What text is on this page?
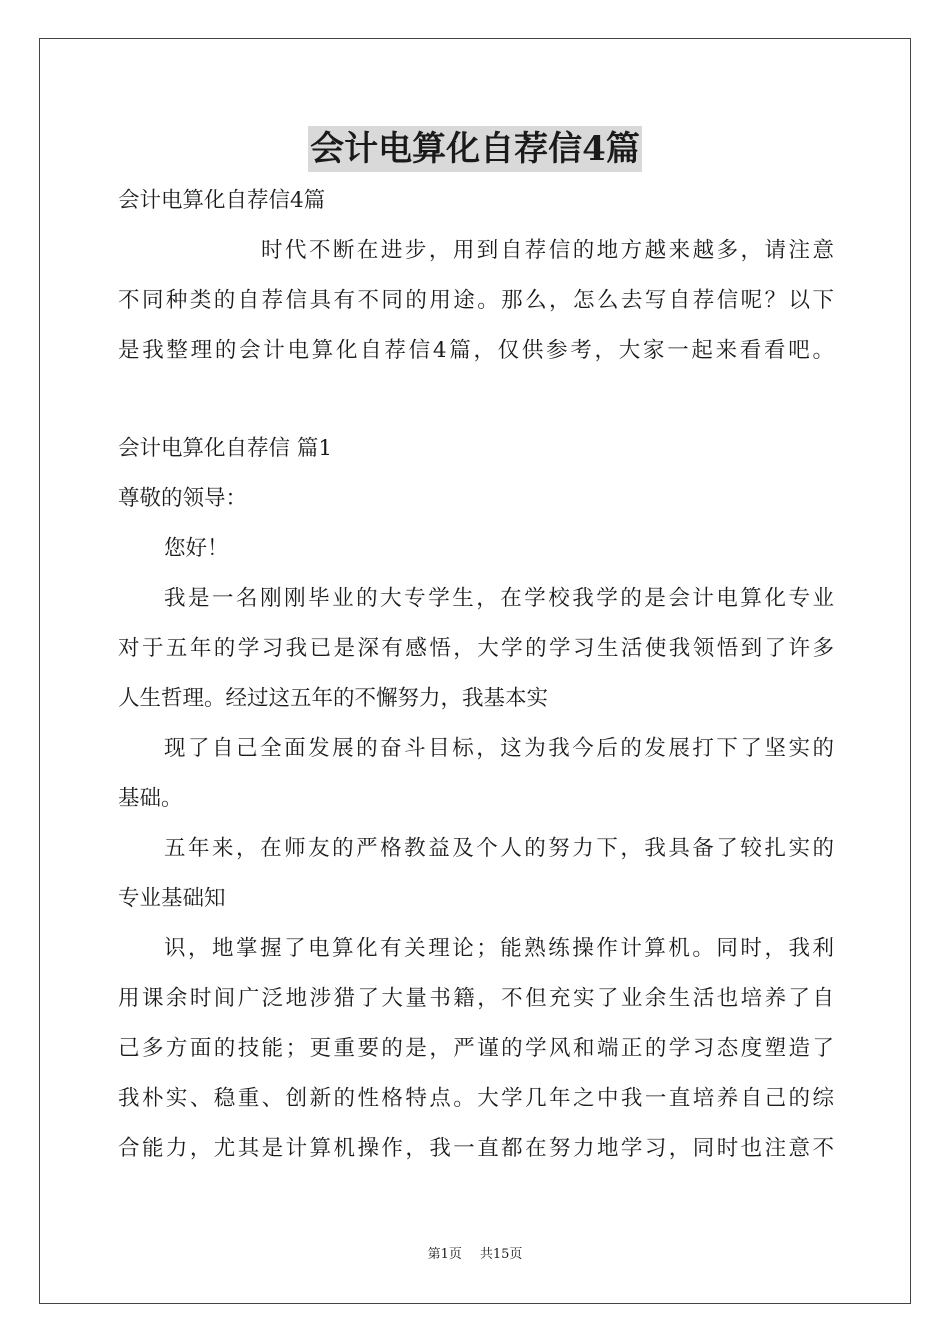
会计电算化自荐信4篇
会计电算化自荐信4篇
时代不断在进步，用到自荐信的地方越来越多，请注意
不同种类的自荐信具有不同的用途。那么，怎么去写自荐信呢？以下
是我整理的会计电算化自荐信4篇，仅供参考，大家一起来看看吧。
会计电算化自荐信 篇1
尊敬的领导：
您好！
我是一名刚刚毕业的大专学生，在学校我学的是会计电算化专业
对于五年的学习我已是深有感悟，大学的学习生活使我领悟到了许多
人生哲理。经过这五年的不懈努力，我基本实
现了自己全面发展的奋斗目标，这为我今后的发展打下了坚实的
基础。
五年来，在师友的严格教益及个人的努力下，我具备了较扎实的
专业基础知
识，地掌握了电算化有关理论；能熟练操作计算机。同时，我利
用课余时间广泛地涉猎了大量书籍，不但充实了业余生活也培养了自
己多方面的技能；更重要的是，严谨的学风和端正的学习态度塑造了
我朴实、稳重、创新的性格特点。大学几年之中我一直培养自己的综
合能力，尤其是计算机操作，我一直都在努力地学习，同时也注意不
第1页 共15页
